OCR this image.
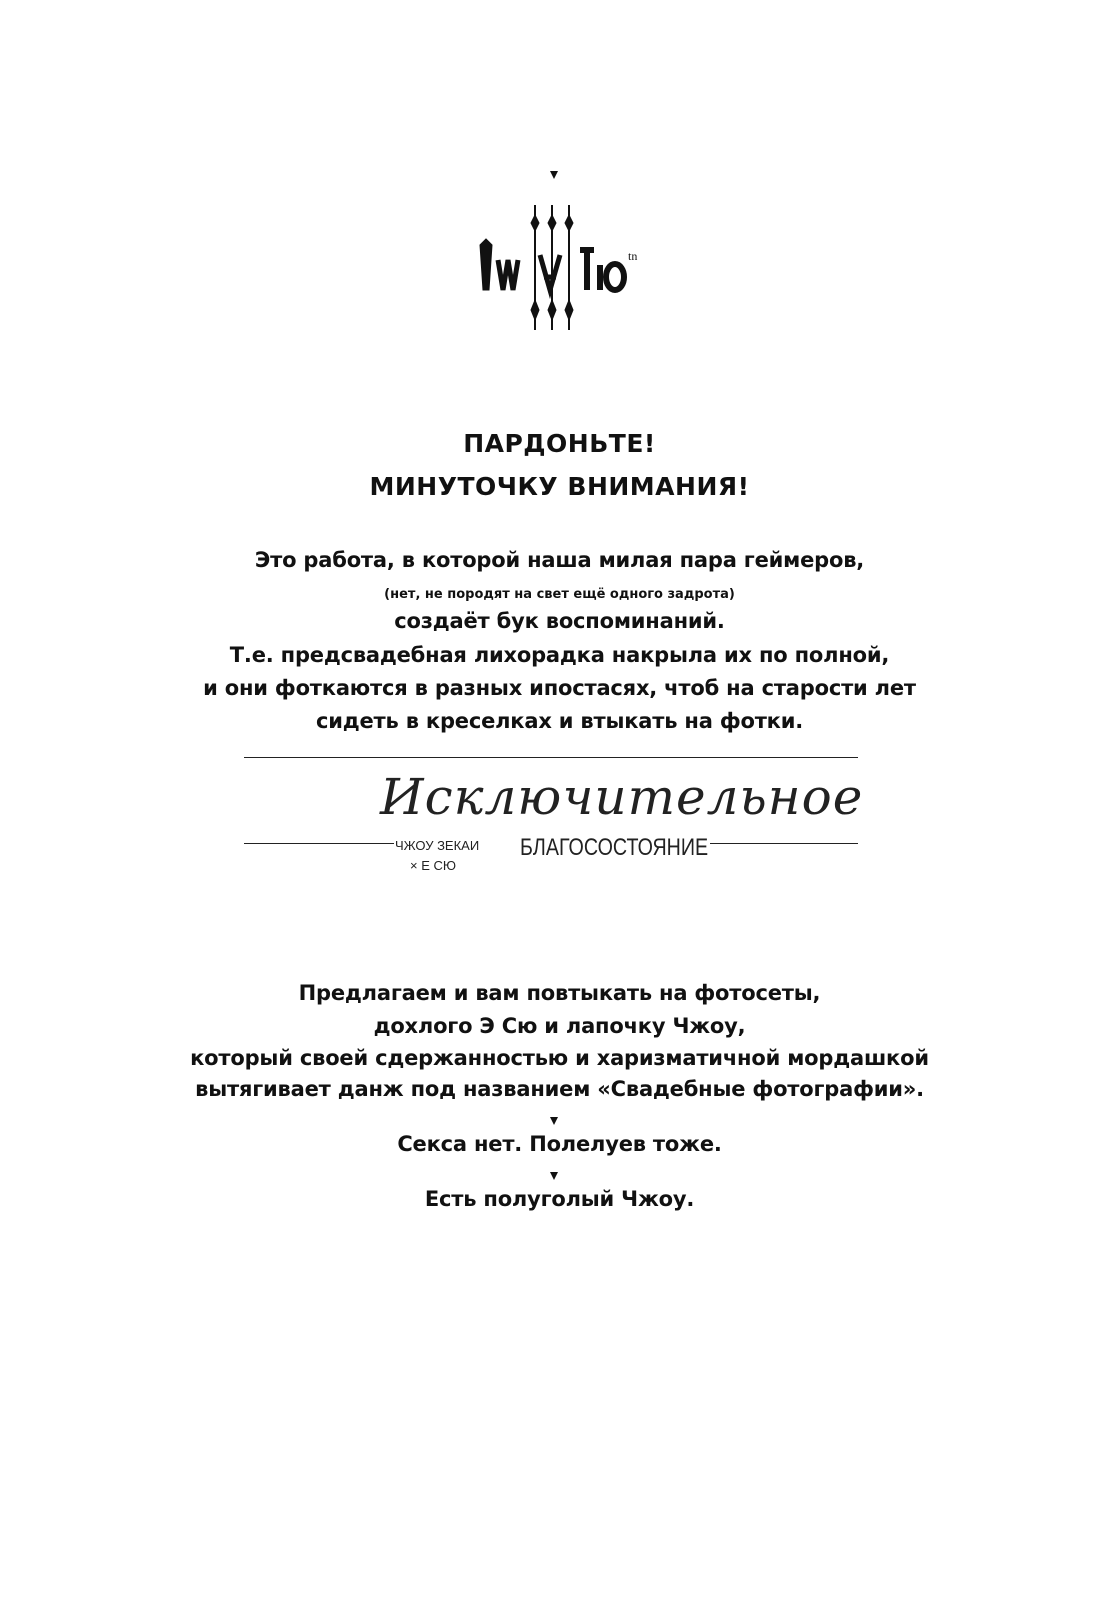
tn
ПАРДОНЬТЕ!
МИНУТОЧКУ ВНИМАНИЯ!
Это работа, в которой наша милая пара геймеров,
(нет, не породят на свет ещё одного задрота)
создаёт бук воспоминаний.
Т.е. предсвадебная лихорадка накрыла их по полной,
и они фоткаются в разных ипостасях, чтоб на старости лет
сидеть в креселках и втыкать на фотки.
Исключительное
ЧЖОУ ЗЕКАИ
× Е СЮ
БЛАГОСОСТОЯНИЕ
Предлагаем и вам повтыкать на фотосеты,
дохлого Э Сю и лапочку Чжоу,
который своей сдержанностью и харизматичной мордашкой
вытягивает данж под названием «Свадебные фотографии».
Секса нет. Полелуев тоже.
Есть полуголый Чжоу.
